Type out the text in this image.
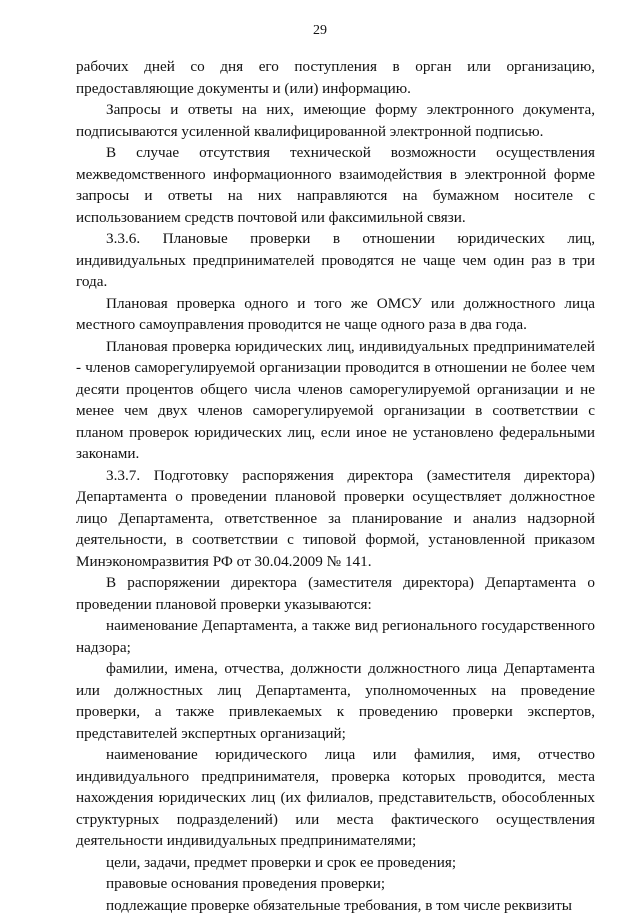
29

рабочих дней со дня его поступления в орган или организацию, предоставляющие документы и (или) информацию.

Запросы и ответы на них, имеющие форму электронного документа, подписываются усиленной квалифицированной электронной подписью.

В случае отсутствия технической возможности осуществления межведомственного информационного взаимодействия в электронной форме запросы и ответы на них направляются на бумажном носителе с использованием средств почтовой или факсимильной связи.

3.3.6. Плановые проверки в отношении юридических лиц, индивидуальных предпринимателей проводятся не чаще чем один раз в три года.

Плановая проверка одного и того же ОМСУ или должностного лица местного самоуправления проводится не чаще одного раза в два года.

Плановая проверка юридических лиц, индивидуальных предпринимателей - членов саморегулируемой организации проводится в отношении не более чем десяти процентов общего числа членов саморегулируемой организации и не менее чем двух членов саморегулируемой организации в соответствии с планом проверок юридических лиц, если иное не установлено федеральными законами.

3.3.7. Подготовку распоряжения директора (заместителя директора) Департамента о проведении плановой проверки осуществляет должностное лицо Департамента, ответственное за планирование и анализ надзорной деятельности, в соответствии с типовой формой, установленной приказом Минэкономразвития РФ от 30.04.2009 № 141.

В распоряжении директора (заместителя директора) Департамента о проведении плановой проверки указываются:

наименование Департамента, а также вид регионального государственного надзора;

фамилии, имена, отчества, должности должностного лица Департамента или должностных лиц Департамента, уполномоченных на проведение проверки, а также привлекаемых к проведению проверки экспертов, представителей экспертных организаций;

наименование юридического лица или фамилия, имя, отчество индивидуального предпринимателя, проверка которых проводится, места нахождения юридических лиц (их филиалов, представительств, обособленных структурных подразделений) или места фактического осуществления деятельности индивидуальных предпринимателями;

цели, задачи, предмет проверки и срок ее проведения;

правовые основания проведения проверки;

подлежащие проверке обязательные требования, в том числе реквизиты
